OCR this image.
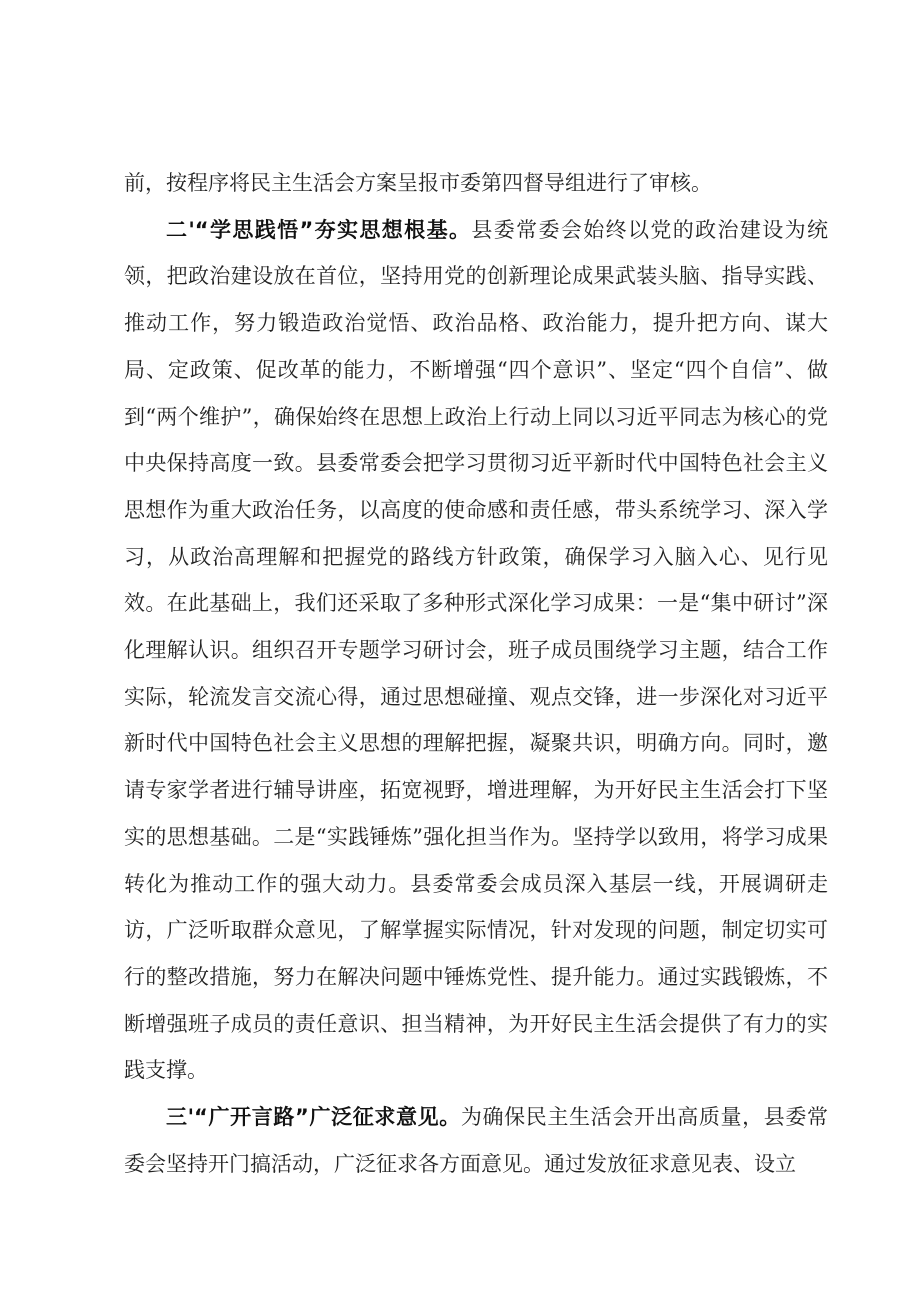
前，按程序将民主生活会方案呈报市委第四督导组进行了审核。

二'“学思践悟”夯实思想根基。县委常委会始终以党的政治建设为统领，把政治建设放在首位，坚持用党的创新理论成果武装头脑、指导实践、推动工作，努力锻造政治觉悟、政治品格、政治能力，提升把方向、谋大局、定政策、促改革的能力，不断增强“四个意识”、坚定“四个自信”、做到“两个维护”，确保始终在思想上政治上行动上同以习近平同志为核心的党中央保持高度一致。县委常委会把学习贯彻习近平新时代中国特色社会主义思想作为重大政治任务，以高度的使命感和责任感，带头系统学习、深入学习，从政治高理解和把握党的路线方针政策，确保学习入脑入心、见行见效。在此基础上，我们还采取了多种形式深化学习成果：一是“集中研讨”深化理解认识。组织召开专题学习研讨会，班子成员围绕学习主题，结合工作实际，轮流发言交流心得，通过思想碰撞、观点交锋，进一步深化对习近平新时代中国特色社会主义思想的理解把握，凝聚共识，明确方向。同时，邀请专家学者进行辅导讲座，拓宽视野，增进理解，为开好民主生活会打下坚实的思想基础。二是“实践锤炼”强化担当作为。坚持学以致用，将学习成果转化为推动工作的强大动力。县委常委会成员深入基层一线，开展调研走访，广泛听取群众意见，了解掌握实际情况，针对发现的问题，制定切实可行的整改措施，努力在解决问题中锤炼党性、提升能力。通过实践锻炼，不断增强班子成员的责任意识、担当精神，为开好民主生活会提供了有力的实践支撑。

三'“广开言路”广泛征求意见。为确保民主生活会开出高质量，县委常委会坚持开门搞活动，广泛征求各方面意见。通过发放征求意见表、设立
